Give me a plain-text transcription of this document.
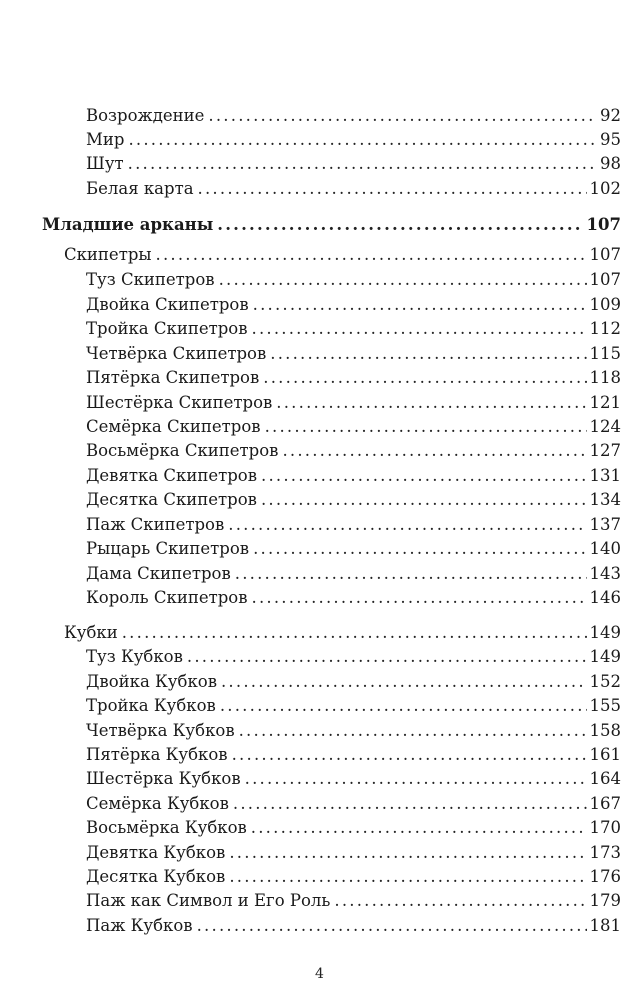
Возрождение .....	92
Мир .....	95
Шут .....	98
Белая карта .....	102
Младшие арканы .....	107
Скипетры .....	107
Туз Скипетров .....	107
Двойка Скипетров .....	109
Тройка Скипетров .....	112
Четвёрка Скипетров .....	115
Пятёрка Скипетров .....	118
Шестёрка Скипетров .....	121
Семёрка Скипетров .....	124
Восьмёрка Скипетров .....	127
Девятка Скипетров .....	131
Десятка Скипетров .....	134
Паж Скипетров .....	137
Рыцарь Скипетров .....	140
Дама Скипетров .....	143
Король Скипетров .....	146
Кубки .....	149
Туз Кубков .....	149
Двойка Кубков .....	152
Тройка Кубков .....	155
Четвёрка Кубков .....	158
Пятёрка Кубков .....	161
Шестёрка Кубков .....	164
Семёрка Кубков .....	167
Восьмёрка Кубков .....	170
Девятка Кубков .....	173
Десятка Кубков .....	176
Паж как Символ и Его Роль .....	179
Паж Кубков .....	181
4
